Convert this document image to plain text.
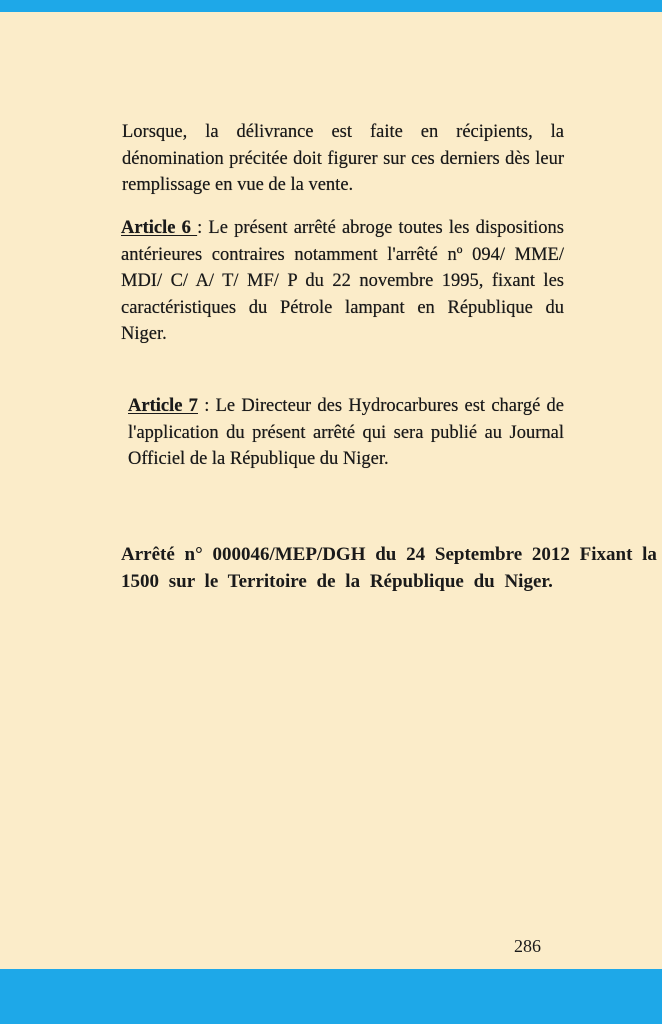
Lorsque, la délivrance est faite en récipients, la dénomination précitée doit figurer sur ces derniers dès leur remplissage en vue de la vente.

Article 6 : Le présent arrêté abroge toutes les dispositions antérieures contraires notamment l'arrêté nº 094/ MME/ MDI/ C/ A/ T/ MF/ P du 22 novembre 1995, fixant les caractéristiques du Pétrole lampant en République du Niger.

Article 7 : Le Directeur des Hydrocarbures est chargé de l'application du présent arrêté qui sera publié au Journal Officiel de la République du Niger.

Arrêté n° 000046/MEP/DGH du 24 Septembre 2012 Fixant la
1500 sur le Territoire de la République du Niger.
286
